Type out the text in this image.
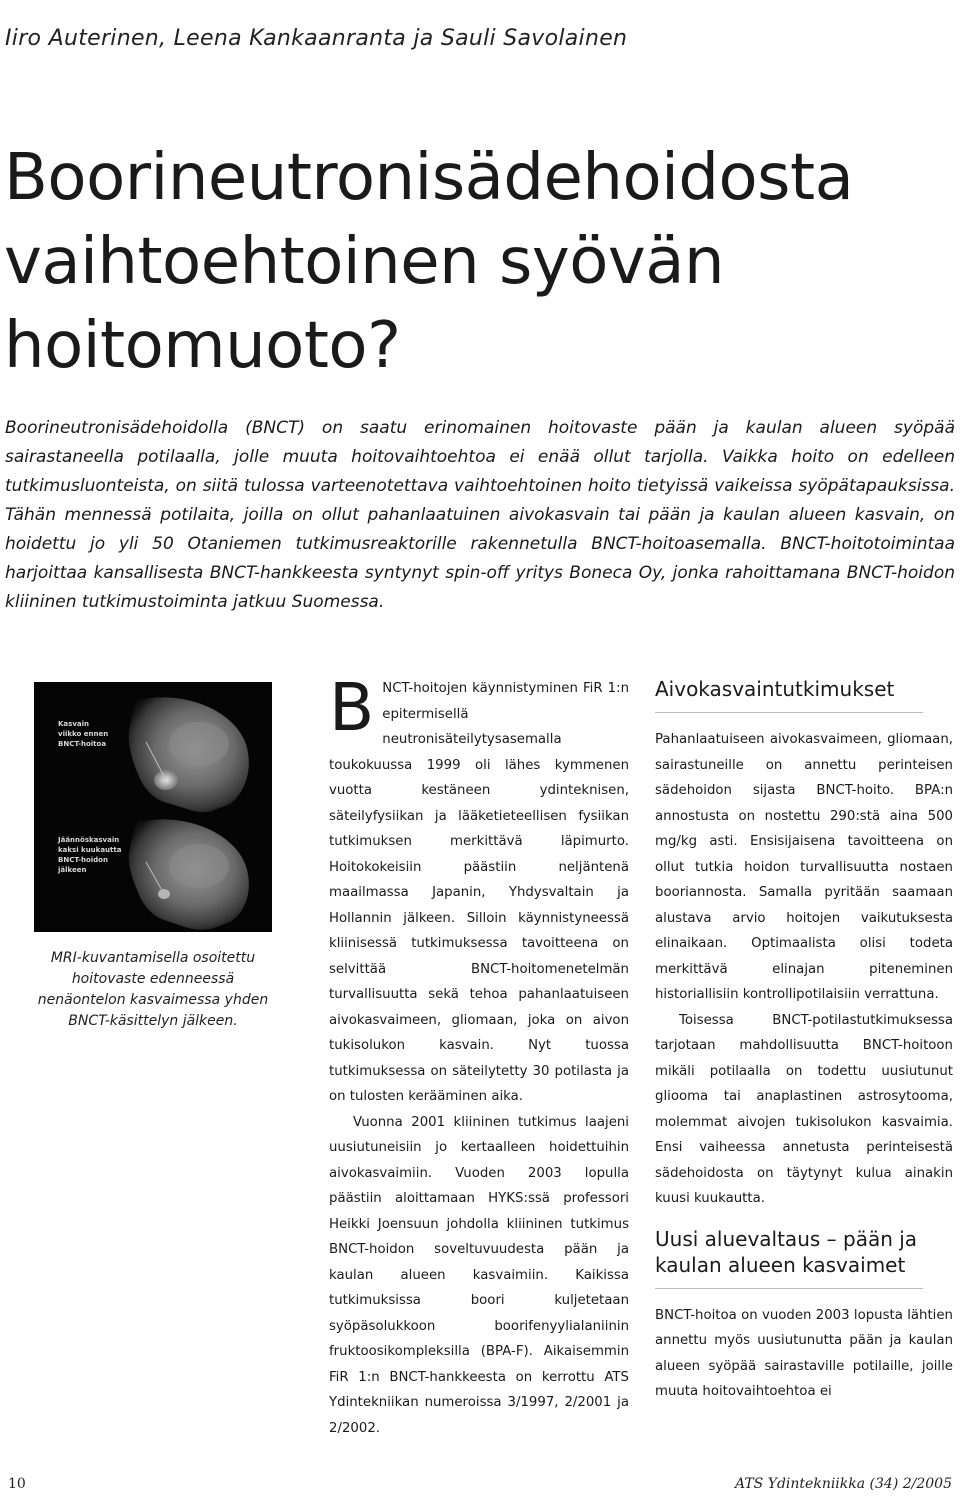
Iiro Auterinen, Leena Kankaanranta ja Sauli Savolainen

Boorineutronisädehoidosta
vaihtoehtoinen syövän
hoitomuoto?

Boorineutronisädehoidolla (BNCT) on saatu erinomainen hoitovaste pään ja kaulan alueen syöpää sairastaneella potilaalla, jolle muuta hoitovaihtoehtoa ei enää ollut tarjolla. Vaikka hoito on edelleen tutkimusluonteista, on siitä tulossa varteenotettava vaihtoehtoinen hoito tietyissä vaikeissa syöpätapauksissa. Tähän mennessä potilaita, joilla on ollut pahanlaatuinen aivokasvain tai pään ja kaulan alueen kasvain, on hoidettu jo yli 50 Otaniemen tutkimusreaktorille rakennetulla BNCT-hoitoasemalla. BNCT-hoitotoimintaa harjoittaa kansallisesta BNCT-hankkeesta syntynyt spin-off yritys Boneca Oy, jonka rahoittamana BNCT-hoidon kliininen tutkimustoiminta jatkuu Suomessa.

Kasvain
viikko ennen
BNCT-hoitoa
Jäännöskasvain
kaksi kuukautta
BNCT-hoidon
jälkeen

MRI-kuvantamisella osoitettu hoitovaste edenneessä nenäontelon kasvaimessa yhden BNCT-käsittelyn jälkeen.

B NCT-hoitojen käynnistyminen FiR 1:n epitermisellä neutronisäteilytysasemalla toukokuussa 1999 oli lähes kymmenen vuotta kestäneen ydinteknisen, säteilyfysiikan ja lääketieteellisen fysiikan tutkimuksen merkittävä läpimurto. Hoitokokeisiin päästiin neljäntenä maailmassa Japanin, Yhdysvaltain ja Hollannin jälkeen. Silloin käynnistyneessä kliinisessä tutkimuksessa tavoitteena on selvittää BNCT-hoitomenetelmän turvallisuutta sekä tehoa pahanlaatuiseen aivokasvaimeen, gliomaan, joka on aivon tukisolukon kasvain. Nyt tuossa tutkimuksessa on säteilytetty 30 potilasta ja on tulosten kerääminen aika.

Vuonna 2001 kliininen tutkimus laajeni uusiutuneisiin jo kertaalleen hoidettuihin aivokasvaimiin. Vuoden 2003 lopulla päästiin aloittamaan HYKS:ssä professori Heikki Joensuun johdolla kliininen tutkimus BNCT-hoidon soveltuvuudesta pään ja kaulan alueen kasvaimiin. Kaikissa tutkimuksissa boori kuljetetaan syöpäsolukkoon boorifenyylialaniinin fruktoosikompleksilla (BPA-F). Aikaisemmin FiR 1:n BNCT-hankkeesta on kerrottu ATS Ydintekniikan numeroissa 3/1997, 2/2001 ja 2/2002.

Aivokasvaintutkimukset

Pahanlaatuiseen aivokasvaimeen, gliomaan, sairastuneille on annettu perinteisen sädehoidon sijasta BNCT-hoito. BPA:n annostusta on nostettu 290:stä aina 500 mg/kg asti. Ensisijaisena tavoitteena on ollut tutkia hoidon turvallisuutta nostaen booriannosta. Samalla pyritään saamaan alustava arvio hoitojen vaikutuksesta elinaikaan. Optimaalista olisi todeta merkittävä elinajan piteneminen historiallisiin kontrollipotilaisiin verrattuna.

Toisessa BNCT-potilastutkimuksessa tarjotaan mahdollisuutta BNCT-hoitoon mikäli potilaalla on todettu uusiutunut gliooma tai anaplastinen astrosytooma, molemmat aivojen tukisolukon kasvaimia. Ensi vaiheessa annetusta perinteisestä sädehoidosta on täytynyt kulua ainakin kuusi kuukautta.

Uusi aluevaltaus – pään ja kaulan alueen kasvaimet

BNCT-hoitoa on vuoden 2003 lopusta lähtien annettu myös uusiutunutta pään ja kaulan alueen syöpää sairastaville potilaille, joille muuta hoitovaihtoehtoa ei

10	ATS Ydintekniikka (34) 2/2005
